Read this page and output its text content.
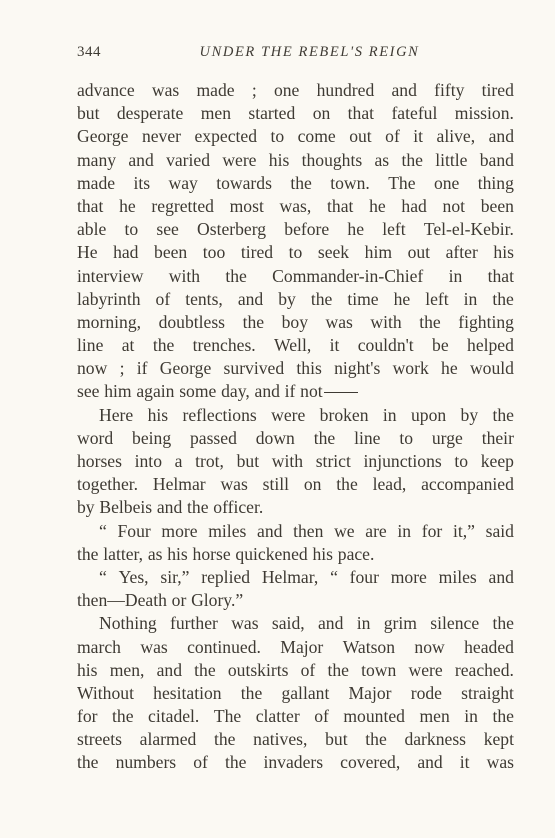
344	UNDER THE REBEL'S REIGN
advance was made ; one hundred and fifty tired
but desperate men started on that fateful mission.
George never expected to come out of it alive, and
many and varied were his thoughts as the little band
made its way towards the town. The one thing
that he regretted most was, that he had not been
able to see Osterberg before he left Tel-el-Kebir.
He had been too tired to seek him out after his
interview with the Commander-in-Chief in that
labyrinth of tents, and by the time he left in the
morning, doubtless the boy was with the fighting
line at the trenches. Well, it couldn't be helped
now ; if George survived this night's work he would
see him again some day, and if not
Here his reflections were broken in upon by the
word being passed down the line to urge their
horses into a trot, but with strict injunctions to keep
together. Helmar was still on the lead, accompanied
by Belbeis and the officer.
“ Four more miles and then we are in for it,” said
the latter, as his horse quickened his pace.
“ Yes, sir,” replied Helmar, “ four more miles and
then—Death or Glory.”
Nothing further was said, and in grim silence the
march was continued. Major Watson now headed
his men, and the outskirts of the town were reached.
Without hesitation the gallant Major rode straight
for the citadel. The clatter of mounted men in the
streets alarmed the natives, but the darkness kept
the numbers of the invaders covered, and it was
